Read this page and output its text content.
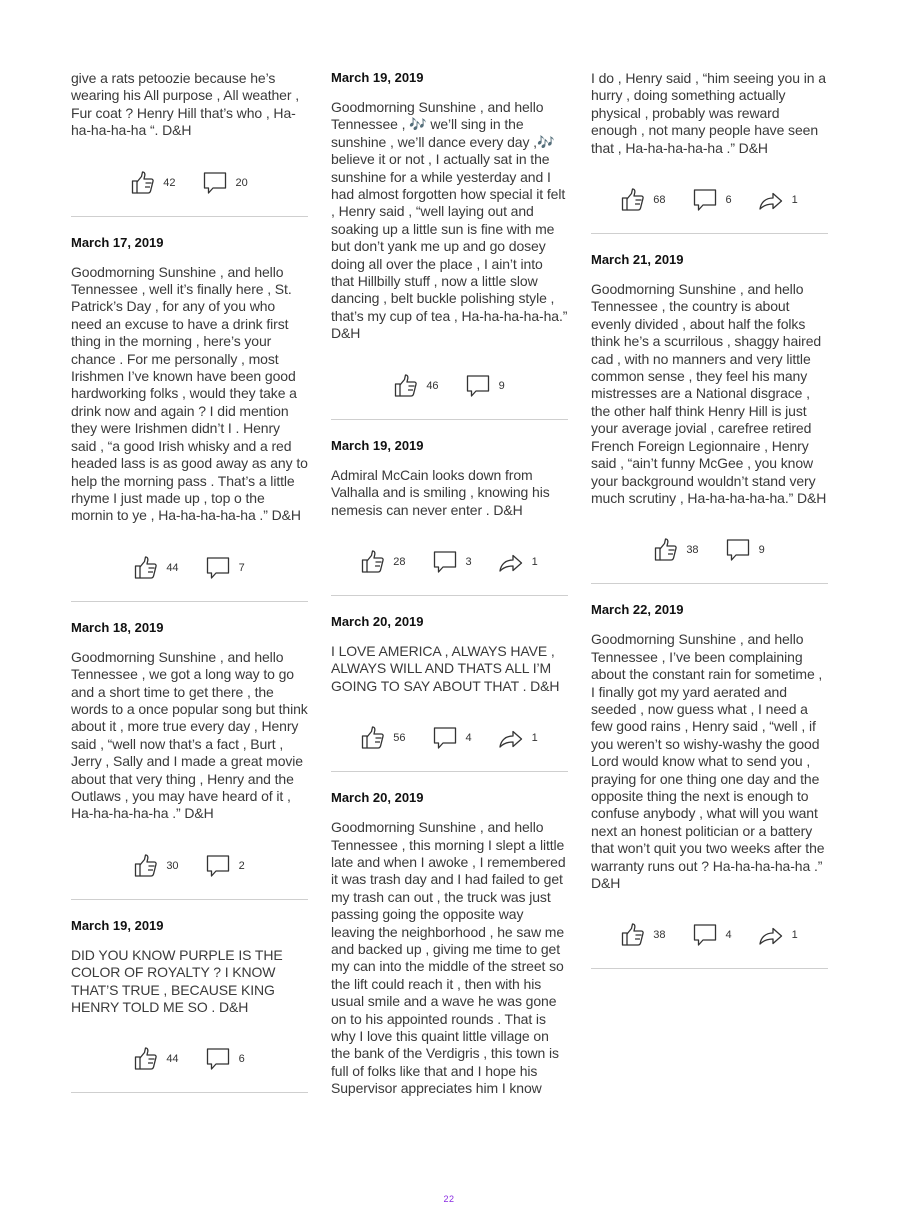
give a rats petoozie because he’s wearing his All purpose , All weather , Fur coat ? Henry Hill that’s who , Ha-ha-ha-ha-ha “. D&H

42	20

March 17, 2019

Goodmorning Sunshine , and hello Tennessee , well it’s finally here , St. Patrick’s Day , for any of you who need an excuse to have a drink first thing in the morning , here’s your chance . For me personally , most Irishmen I’ve known have been good hardworking folks , would they take a drink now and again ? I did mention they were Irishmen didn’t I . Henry said , “a good Irish whisky and a red headed lass is as good away as any to help the morning pass . That’s a little rhyme I just made up , top o the mornin to ye , Ha-ha-ha-ha-ha .” D&H

44	7

March 18, 2019

Goodmorning Sunshine , and hello Tennessee , we got a long way to go and a short time to get there , the words to a once popular song but think about it , more true every day , Henry said , “well now that’s a fact , Burt , Jerry , Sally and I made a great movie about that very thing , Henry and the Outlaws , you may have heard of it , Ha-ha-ha-ha-ha .” D&H

30	2

March 19, 2019

DID YOU KNOW PURPLE IS THE COLOR OF ROYALTY ? I KNOW THAT’S TRUE , BECAUSE KING HENRY TOLD ME SO . D&H

44	6

March 19, 2019

Goodmorning Sunshine , and hello Tennessee , 🎶 we’ll sing in the sunshine , we’ll dance every day ,🎶 believe it or not , I actually sat in the sunshine for a while yesterday and I had almost forgotten how special it felt , Henry said , “well laying out and soaking up a little sun is fine with me but don’t yank me up and go dosey doing all over the place , I ain’t into that Hillbilly stuff , now a little slow dancing , belt buckle polishing style , that’s my cup of tea , Ha-ha-ha-ha-ha.” D&H

46	9

March 19, 2019

Admiral McCain looks down from Valhalla and is smiling , knowing his nemesis can never enter . D&H

28	3	1

March 20, 2019

I LOVE AMERICA , ALWAYS HAVE , ALWAYS WILL AND THATS ALL I’M GOING TO SAY ABOUT THAT . D&H

56	4	1

March 20, 2019

Goodmorning Sunshine , and hello Tennessee , this morning I slept a little late and when I awoke , I remembered it was trash day and I had failed to get my trash can out , the truck was just passing going the opposite way leaving the neighborhood , he saw me and backed up , giving me time to get my can into the middle of the street so the lift could reach it , then with his usual smile and a wave he was gone on to his appointed rounds . That is why I love this quaint little village on the bank of the Verdigris , this town is full of folks like that and I hope his Supervisor appreciates him I know

I do , Henry said , “him seeing you in a hurry , doing something actually physical , probably was reward enough , not many people have seen that , Ha-ha-ha-ha-ha .” D&H

68	6	1

March 21, 2019

Goodmorning Sunshine , and hello Tennessee , the country is about evenly divided , about half the folks think he’s a scurrilous , shaggy haired cad , with no manners and very little common sense , they feel his many mistresses are a National disgrace , the other half think Henry Hill is just your average jovial , carefree retired French Foreign Legionnaire , Henry said , “ain’t funny McGee , you know your background wouldn’t stand very much scrutiny , Ha-ha-ha-ha-ha.” D&H

38	9

March 22, 2019

Goodmorning Sunshine , and hello Tennessee , I’ve been complaining about the constant rain for sometime , I finally got my yard aerated and seeded , now guess what , I need a few good rains , Henry said , “well , if you weren’t so wishy-washy the good Lord would know what to send you , praying for one thing one day and the opposite thing the next is enough to confuse anybody , what will you want next an honest politician or a battery that won’t quit you two weeks after the warranty runs out ? Ha-ha-ha-ha-ha .” D&H

38	4	1
22
